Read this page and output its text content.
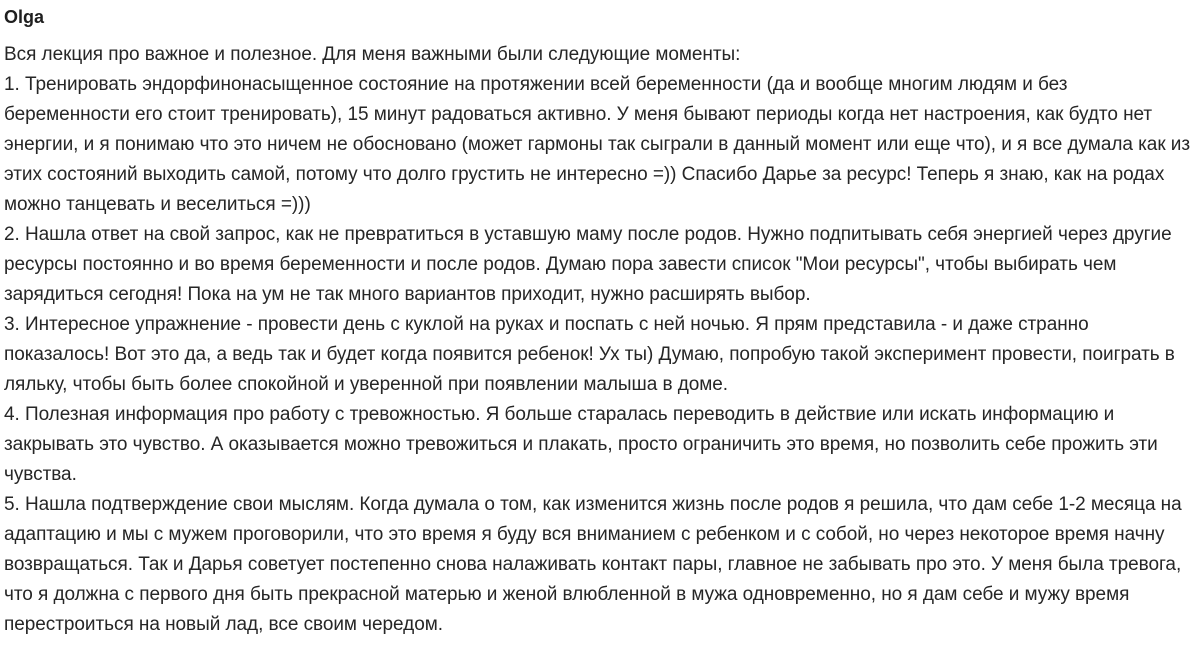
Olga

Вся лекция про важное и полезное. Для меня важными были следующие моменты:

1. Тренировать эндорфинонасыщенное состояние на протяжении всей беременности (да и вообще многим людям и без беременности его стоит тренировать), 15 минут радоваться активно. У меня бывают периоды когда нет настроения, как будто нет энергии, и я понимаю что это ничем не обосновано (может гармоны так сыграли в данный момент или еще что), и я все думала как из этих состояний выходить самой, потому что долго грустить не интересно =)) Спасибо Дарье за ресурс! Теперь я знаю, как на родах можно танцевать и веселиться =)))

2. Нашла ответ на свой запрос, как не превратиться в уставшую маму после родов. Нужно подпитывать себя энергией через другие ресурсы постоянно и во время беременности и после родов. Думаю пора завести список "Мои ресурсы", чтобы выбирать чем зарядиться сегодня! Пока на ум не так много вариантов приходит, нужно расширять выбор.

3. Интересное упражнение - провести день с куклой на руках и поспать с ней ночью. Я прям представила - и даже странно показалось! Вот это да, а ведь так и будет когда появится ребенок! Ух ты) Думаю, попробую такой эксперимент провести, поиграть в ляльку, чтобы быть более спокойной и уверенной при появлении малыша в доме.

4. Полезная информация про работу с тревожностью. Я больше старалась переводить в действие или искать информацию и закрывать это чувство. А оказывается можно тревожиться и плакать, просто ограничить это время, но позволить себе прожить эти чувства.

5. Нашла подтверждение свои мыслям. Когда думала о том, как изменится жизнь после родов я решила, что дам себе 1-2 месяца на адаптацию и мы с мужем проговорили, что это время я буду вся вниманием с ребенком и с собой, но через некоторое время начну возвращаться. Так и Дарья советует постепенно снова налаживать контакт пары, главное не забывать про это. У меня была тревога, что я должна с первого дня быть прекрасной матерью и женой влюбленной в мужа одновременно, но я дам себе и мужу время перестроиться на новый лад, все своим чередом.
